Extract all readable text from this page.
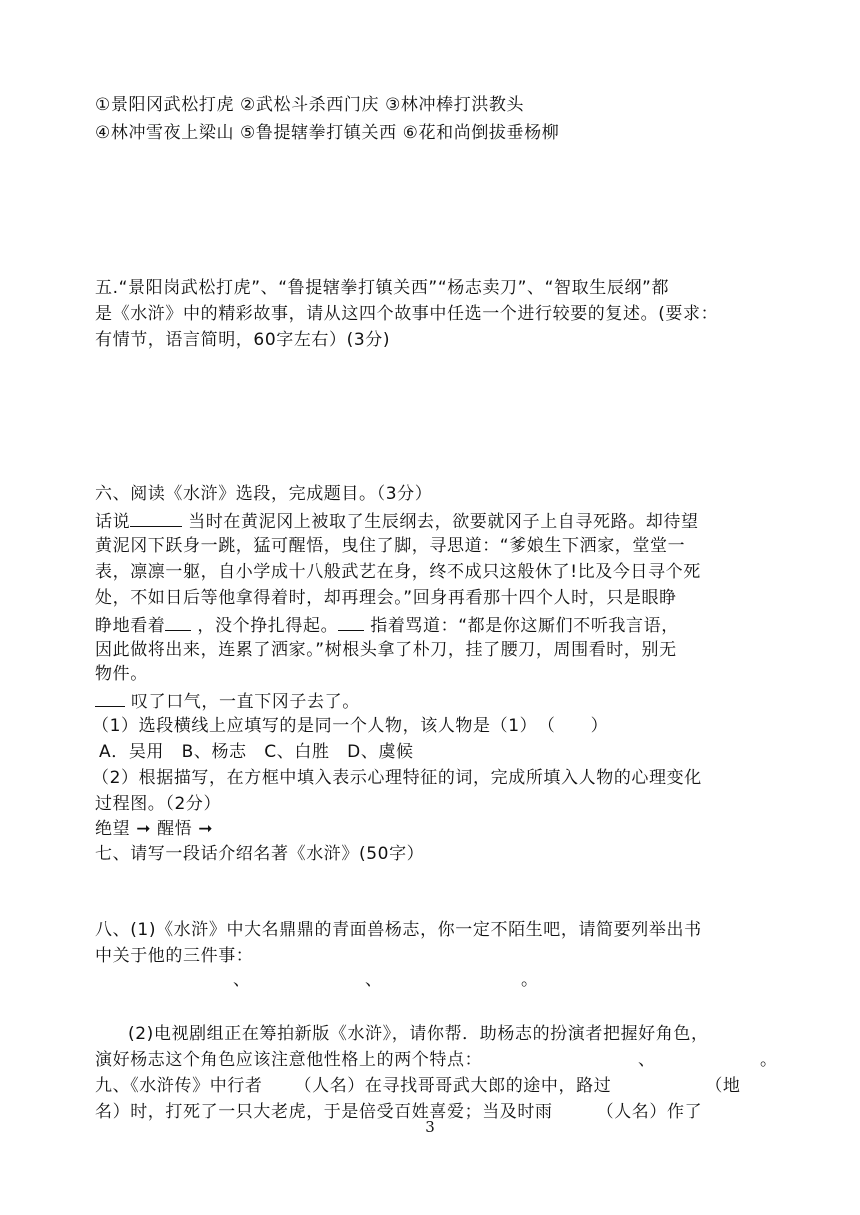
①景阳冈武松打虎 ②武松斗杀西门庆 ③林冲棒打洪教头
④林冲雪夜上梁山 ⑤鲁提辖拳打镇关西 ⑥花和尚倒拔垂杨柳
五.“景阳岗武松打虎”、“鲁提辖拳打镇关西”“杨志卖刀”、“智取生辰纲”都
是《水浒》中的精彩故事，请从这四个故事中任选一个进行较要的复述。(要求：
有情节，语言简明，60字左右）(3分)
六、阅读《水浒》选段，完成题目。（3分）
话说	当时在黄泥冈上被取了生辰纲去，欲要就冈子上自寻死路。却待望
黄泥冈下跃身一跳，猛可醒悟，曳住了脚，寻思道：“爹娘生下洒家，堂堂一
表，凛凛一躯，自小学成十八般武艺在身，终不成只这般休了!比及今日寻个死
处，不如日后等他拿得着时，却再理会。”回身再看那十四个人时，只是眼睁
睁地看着 ，没个挣扎得起。 指着骂道：“都是你这厮们不听我言语，
因此做将出来，连累了洒家。”树根头拿了朴刀，挂了腰刀，周围看时，别无
物件。
叹了口气，一直下冈子去了。
（1）选段横线上应填写的是同一个人物，该人物是（1）　（　　）
A．吴用　B、杨志　C、白胜　D、虞候
（2）根据描写，在方框中填入表示心理特征的词，完成所填入人物的心理变化
过程图。（2分）
绝望 ➞ 醒悟 ➞
七、请写一段话介绍名著《水浒》(50字）
八、(1)《水浒》中大名鼎鼎的青面兽杨志，你一定不陌生吧，请简要列举出书
中关于他的三件事：
、	、	。
(2)电视剧组正在筹拍新版《水浒》，请你帮．助杨志的扮演者把握好角色，
演好杨志这个角色应该注意他性格上的两个特点：	、	。
九、《水浒传》中行者 （人名）在寻找哥哥武大郎的途中，路过	（地
名）时，打死了一只大老虎，于是倍受百姓喜爱；当及时雨	（人名）作了
3
